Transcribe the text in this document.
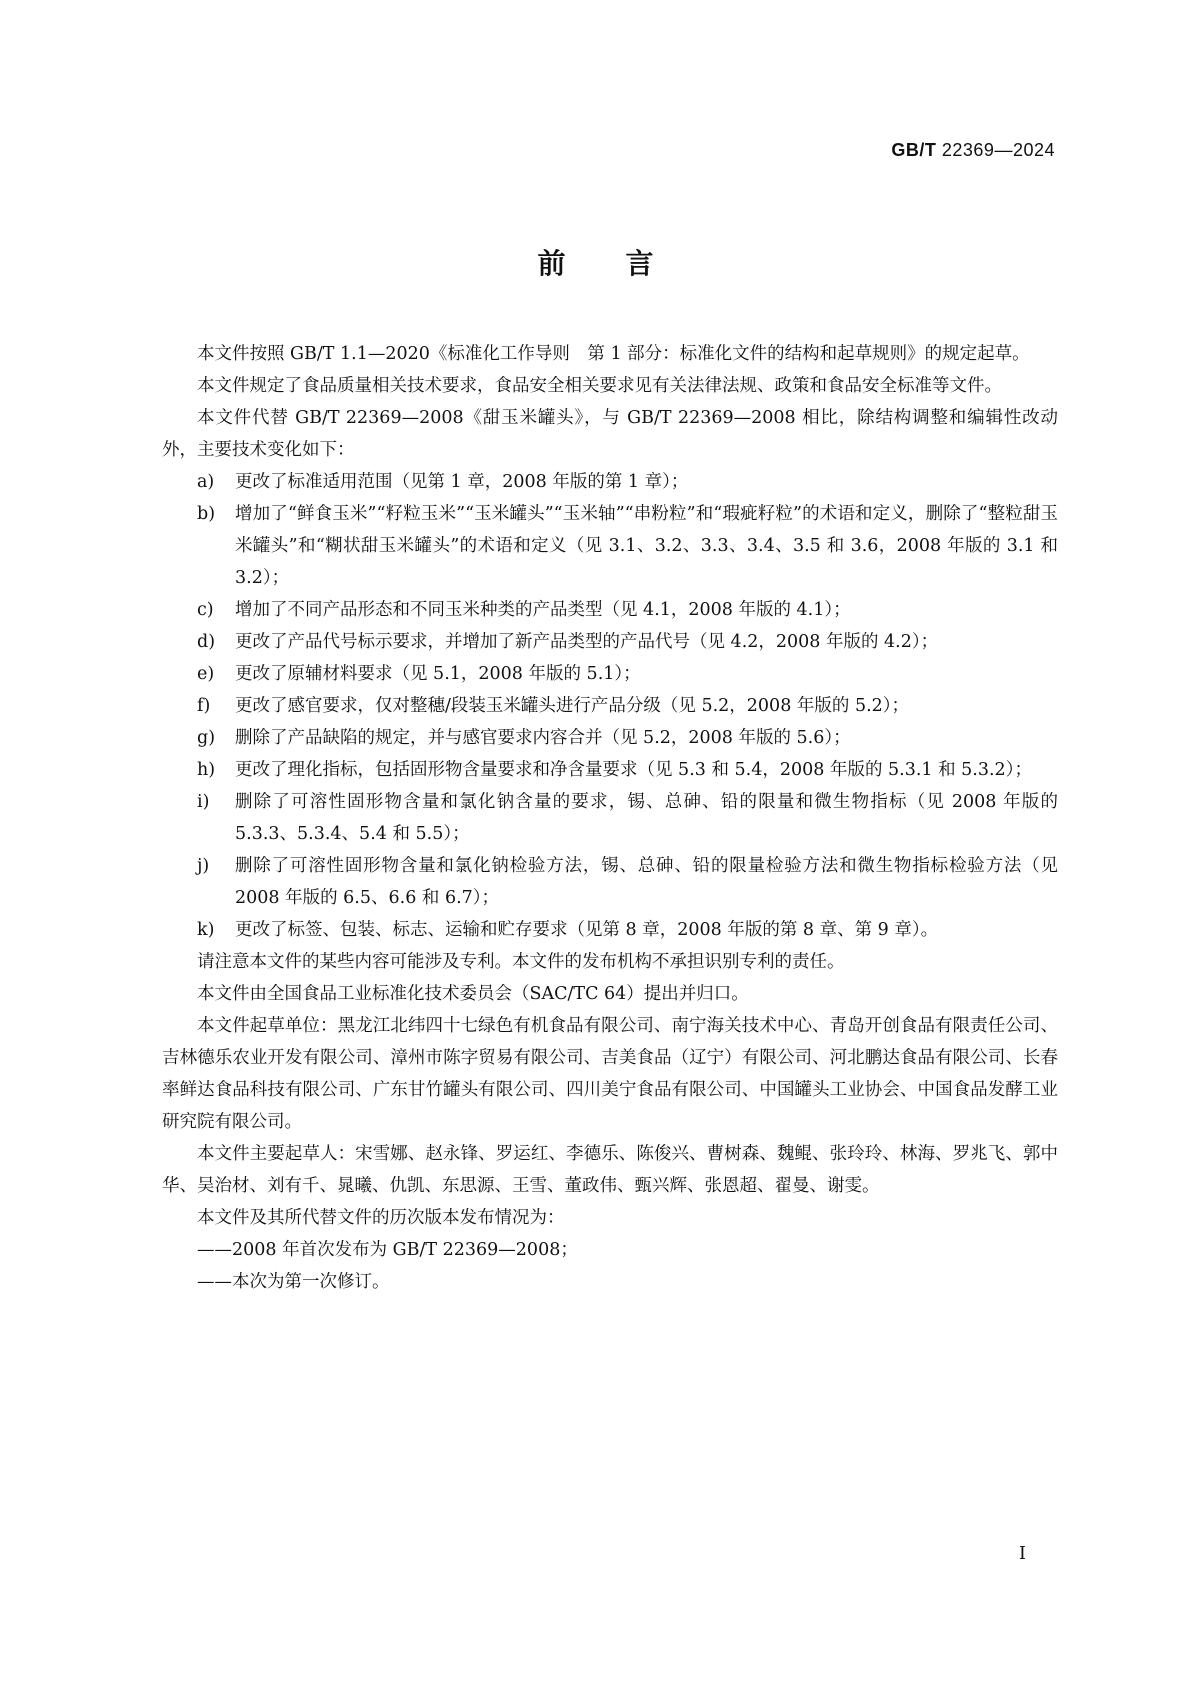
GB/T 22369—2024
前言

本文件按照 GB/T 1.1—2020《标准化工作导则　第 1 部分：标准化文件的结构和起草规则》的规定起草。

本文件规定了食品质量相关技术要求，食品安全相关要求见有关法律法规、政策和食品安全标准等文件。

本文件代替 GB/T 22369—2008《甜玉米罐头》，与 GB/T 22369—2008 相比，除结构调整和编辑性改动外，主要技术变化如下：

a)	更改了标准适用范围（见第 1 章，2008 年版的第 1 章）；
b)	增加了“鲜食玉米”“籽粒玉米”“玉米罐头”“玉米轴”“串粉粒”和“瑕疵籽粒”的术语和定义，删除了“整粒甜玉米罐头”和“糊状甜玉米罐头”的术语和定义（见 3.1、3.2、3.3、3.4、3.5 和 3.6，2008 年版的 3.1 和 3.2）；
c)	增加了不同产品形态和不同玉米种类的产品类型（见 4.1，2008 年版的 4.1）；
d)	更改了产品代号标示要求，并增加了新产品类型的产品代号（见 4.2，2008 年版的 4.2）；
e)	更改了原辅材料要求（见 5.1，2008 年版的 5.1）；
f)	更改了感官要求，仅对整穗/段装玉米罐头进行产品分级（见 5.2，2008 年版的 5.2）；
g)	删除了产品缺陷的规定，并与感官要求内容合并（见 5.2，2008 年版的 5.6）；
h)	更改了理化指标，包括固形物含量要求和净含量要求（见 5.3 和 5.4，2008 年版的 5.3.1 和 5.3.2）；
i)	删除了可溶性固形物含量和氯化钠含量的要求，锡、总砷、铅的限量和微生物指标（见 2008 年版的 5.3.3、5.3.4、5.4 和 5.5）；
j)	删除了可溶性固形物含量和氯化钠检验方法，锡、总砷、铅的限量检验方法和微生物指标检验方法（见 2008 年版的 6.5、6.6 和 6.7）；
k)	更改了标签、包装、标志、运输和贮存要求（见第 8 章，2008 年版的第 8 章、第 9 章）。

请注意本文件的某些内容可能涉及专利。本文件的发布机构不承担识别专利的责任。

本文件由全国食品工业标准化技术委员会（SAC/TC 64）提出并归口。

本文件起草单位：黑龙江北纬四十七绿色有机食品有限公司、南宁海关技术中心、青岛开创食品有限责任公司、吉林德乐农业开发有限公司、漳州市陈字贸易有限公司、吉美食品（辽宁）有限公司、河北鹏达食品有限公司、长春率鲜达食品科技有限公司、广东甘竹罐头有限公司、四川美宁食品有限公司、中国罐头工业协会、中国食品发酵工业研究院有限公司。

本文件主要起草人：宋雪娜、赵永锋、罗运红、李德乐、陈俊兴、曹树森、魏鲲、张玲玲、林海、罗兆飞、郭中华、吴治材、刘有千、晁曦、仇凯、东思源、王雪、董政伟、甄兴辉、张恩超、翟曼、谢雯。

本文件及其所代替文件的历次版本发布情况为：

——2008 年首次发布为 GB/T 22369—2008；

——本次为第一次修订。

I
